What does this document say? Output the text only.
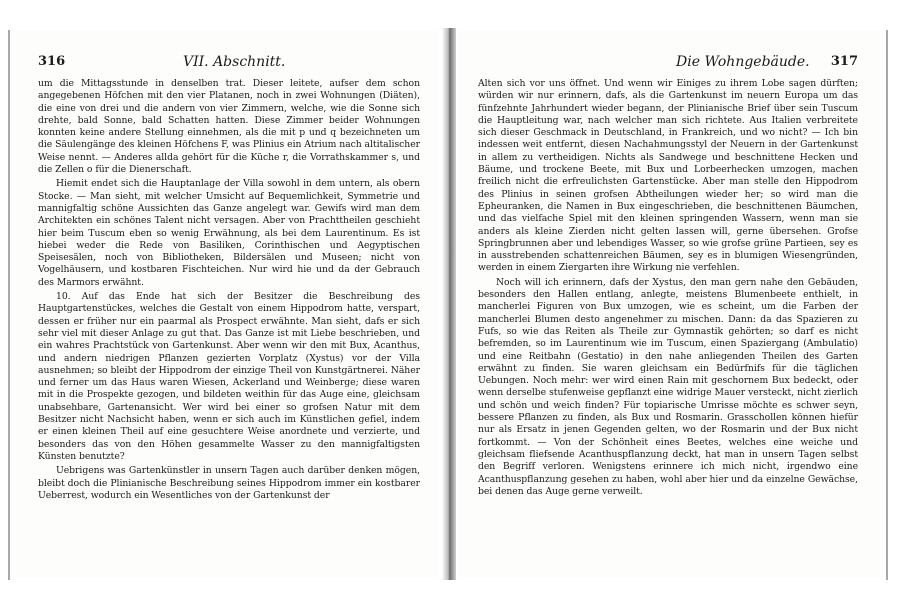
316	VII. Abschnitt.

um die Mittagsstunde in denselben trat. Dieser leitete, aufser dem schon angegebenen Höfchen mit den vier Platanen, noch in zwei Wohnungen (Diäten), die eine von drei und die andern von vier Zimmern, welche, wie die Sonne sich drehte, bald Sonne, bald Schatten hatten. Diese Zimmer beider Wohnungen konnten keine andere Stellung einnehmen, als die mit p und q bezeichneten um die Säulengänge des kleinen Höfchens F, was Plinius ein Atrium nach altitalischer Weise nennt. — Anderes allda gehört für die Küche r, die Vorrathskammer s, und die Zellen o für die Dienerschaft.

Hiemit endet sich die Hauptanlage der Villa sowohl in dem untern, als obern Stocke. — Man sieht, mit welcher Umsicht auf Bequemlichkeit, Symmetrie und mannigfaltig schöne Aussichten das Ganze angelegt war. Gewifs wird man dem Architekten ein schönes Talent nicht versagen. Aber von Prachttheilen geschieht hier beim Tuscum eben so wenig Erwähnung, als bei dem Laurentinum. Es ist hiebei weder die Rede von Basiliken, Corinthischen und Aegyptischen Speisesälen, noch von Bibliotheken, Bildersälen und Museen; nicht von Vogelhäusern, und kostbaren Fischteichen. Nur wird hie und da der Gebrauch des Marmors erwähnt.

10. Auf das Ende hat sich der Besitzer die Beschreibung des Hauptgartenstückes, welches die Gestalt von einem Hippodrom hatte, verspart, dessen er früher nur ein paarmal als Prospect erwähnte. Man sieht, dafs er sich sehr viel mit dieser Anlage zu gut that. Das Ganze ist mit Liebe beschrieben, und ein wahres Prachtstück von Gartenkunst. Aber wenn wir den mit Bux, Acanthus, und andern niedrigen Pflanzen gezierten Vorplatz (Xystus) vor der Villa ausnehmen; so bleibt der Hippodrom der einzige Theil von Kunstgärtnerei. Näher und ferner um das Haus waren Wiesen, Ackerland und Weinberge; diese waren mit in die Prospekte gezogen, und bildeten weithin für das Auge eine, gleichsam unabsehbare, Gartenansicht. Wer wird bei einer so grofsen Natur mit dem Besitzer nicht Nachsicht haben, wenn er sich auch im Künstlichen gefiel, indem er einen kleinen Theil auf eine gesuchtere Weise anordnete und verzierte, und besonders das von den Höhen gesammelte Wasser zu den mannigfaltigsten Künsten benutzte?

Uebrigens was Gartenkünstler in unsern Tagen auch darüber denken mögen, bleibt doch die Plinianische Beschreibung seines Hippodrom immer ein kostbarer Ueberrest, wodurch ein Wesentliches von der Gartenkunst der

Die Wohngebäude. 317

Alten sich vor uns öffnet. Und wenn wir Einiges zu ihrem Lobe sagen dürften; würden wir nur erinnern, dafs, als die Gartenkunst im neuern Europa um das fünfzehnte Jahrhundert wieder begann, der Plinianische Brief über sein Tuscum die Hauptleitung war, nach welcher man sich richtete. Aus Italien verbreitete sich dieser Geschmack in Deutschland, in Frankreich, und wo nicht? — Ich bin indessen weit entfernt, diesen Nachahmungsstyl der Neuern in der Gartenkunst in allem zu vertheidigen. Nichts als Sandwege und beschnittene Hecken und Bäume, und trockene Beete, mit Bux und Lorbeerhecken umzogen, machen freilich nicht die erfreulichsten Gartenstücke. Aber man stelle den Hippodrom des Plinius in seinen grofsen Abtheilungen wieder her; so wird man die Epheuranken, die Namen in Bux eingeschrieben, die beschnittenen Bäumchen, und das vielfache Spiel mit den kleinen springenden Wassern, wenn man sie anders als kleine Zierden nicht gelten lassen will, gerne übersehen. Grofse Springbrunnen aber und lebendiges Wasser, so wie grofse grüne Partieen, sey es in ausstrebenden schattenreichen Bäumen, sey es in blumigen Wiesengründen, werden in einem Ziergarten ihre Wirkung nie verfehlen.

Noch will ich erinnern, dafs der Xystus, den man gern nahe den Gebäuden, besonders den Hallen entlang, anlegte, meistens Blumenbeete enthielt, in mancherlei Figuren von Bux umzogen, wie es scheint, um die Farben der mancherlei Blumen desto angenehmer zu mischen. Dann: da das Spazieren zu Fufs, so wie das Reiten als Theile zur Gymnastik gehörten; so darf es nicht befremden, so im Laurentinum wie im Tuscum, einen Spaziergang (Ambulatio) und eine Reitbahn (Gestatio) in den nahe anliegenden Theilen des Garten erwähnt zu finden. Sie waren gleichsam ein Bedürfnifs für die täglichen Uebungen. Noch mehr: wer wird einen Rain mit geschornem Bux bedeckt, oder wenn derselbe stufenweise gepflanzt eine widrige Mauer versteckt, nicht zierlich und schön und weich finden? Für topiarische Umrisse möchte es schwer seyn, bessere Pflanzen zu finden, als Bux und Rosmarin. Grasschollen können hiefür nur als Ersatz in jenen Gegenden gelten, wo der Rosmarin und der Bux nicht fortkommt. — Von der Schönheit eines Beetes, welches eine weiche und gleichsam fliefsende Acanthuspflanzung deckt, hat man in unsern Tagen selbst den Begriff verloren. Wenigstens erinnere ich mich nicht, irgendwo eine Acanthuspflanzung gesehen zu haben, wohl aber hier und da einzelne Gewächse, bei denen das Auge gerne verweilt.
